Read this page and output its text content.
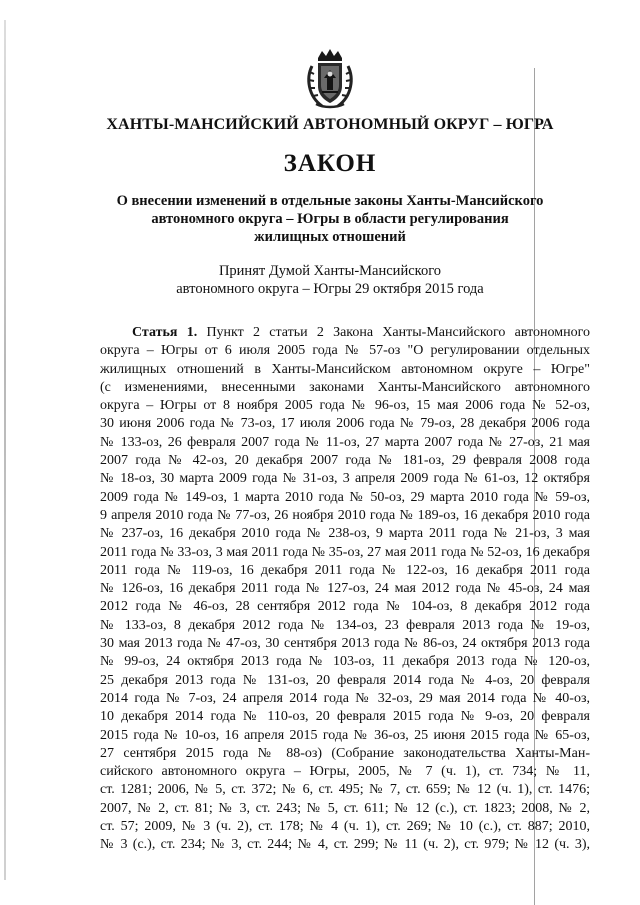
ХАНТЫ-МАНСИЙСКИЙ АВТОНОМНЫЙ ОКРУГ – ЮГРА
ЗАКОН
О внесении изменений в отдельные законы Ханты-Мансийского
автономного округа – Югры в области регулирования
жилищных отношений
Принят Думой Ханты-Мансийского
автономного округа – Югры 29 октября 2015 года
Статья 1. Пункт 2 статьи 2 Закона Ханты-Мансийского автономного
округа – Югры от 6 июля 2005 года № 57-оз "О регулировании отдельных
жилищных отношений в Ханты-Мансийском автономном округе – Югре"
(с изменениями, внесенными законами Ханты-Мансийского автономного
округа – Югры от 8 ноября 2005 года № 96-оз, 15 мая 2006 года № 52-оз,
30 июня 2006 года № 73-оз, 17 июля 2006 года № 79-оз, 28 декабря 2006 года
№ 133-оз, 26 февраля 2007 года № 11-оз, 27 марта 2007 года № 27-оз, 21 мая
2007 года № 42-оз, 20 декабря 2007 года № 181-оз, 29 февраля 2008 года
№ 18-оз, 30 марта 2009 года № 31-оз, 3 апреля 2009 года № 61-оз, 12 октября
2009 года № 149-оз, 1 марта 2010 года № 50-оз, 29 марта 2010 года № 59-оз,
9 апреля 2010 года № 77-оз, 26 ноября 2010 года № 189-оз, 16 декабря 2010 года
№ 237-оз, 16 декабря 2010 года № 238-оз, 9 марта 2011 года № 21-оз, 3 мая
2011 года № 33-оз, 3 мая 2011 года № 35-оз, 27 мая 2011 года № 52-оз, 16 декабря
2011 года № 119-оз, 16 декабря 2011 года № 122-оз, 16 декабря 2011 года
№ 126-оз, 16 декабря 2011 года № 127-оз, 24 мая 2012 года № 45-оз, 24 мая
2012 года № 46-оз, 28 сентября 2012 года № 104-оз, 8 декабря 2012 года
№ 133-оз, 8 декабря 2012 года № 134-оз, 23 февраля 2013 года № 19-оз,
30 мая 2013 года № 47-оз, 30 сентября 2013 года № 86-оз, 24 октября 2013 года
№ 99-оз, 24 октября 2013 года № 103-оз, 11 декабря 2013 года № 120-оз,
25 декабря 2013 года № 131-оз, 20 февраля 2014 года № 4-оз, 20 февраля
2014 года № 7-оз, 24 апреля 2014 года № 32-оз, 29 мая 2014 года № 40-оз,
10 декабря 2014 года № 110-оз, 20 февраля 2015 года № 9-оз, 20 февраля
2015 года № 10-оз, 16 апреля 2015 года № 36-оз, 25 июня 2015 года № 65-оз,
27 сентября 2015 года № 88-оз) (Собрание законодательства Ханты-Ман-
сийского автономного округа – Югры, 2005, № 7 (ч. 1), ст. 734; № 11,
ст. 1281; 2006, № 5, ст. 372; № 6, ст. 495; № 7, ст. 659; № 12 (ч. 1), ст. 1476;
2007, № 2, ст. 81; № 3, ст. 243; № 5, ст. 611; № 12 (с.), ст. 1823; 2008, № 2,
ст. 57; 2009, № 3 (ч. 2), ст. 178; № 4 (ч. 1), ст. 269; № 10 (с.), ст. 887; 2010,
№ 3 (с.), ст. 234; № 3, ст. 244; № 4, ст. 299; № 11 (ч. 2), ст. 979; № 12 (ч. 3),
